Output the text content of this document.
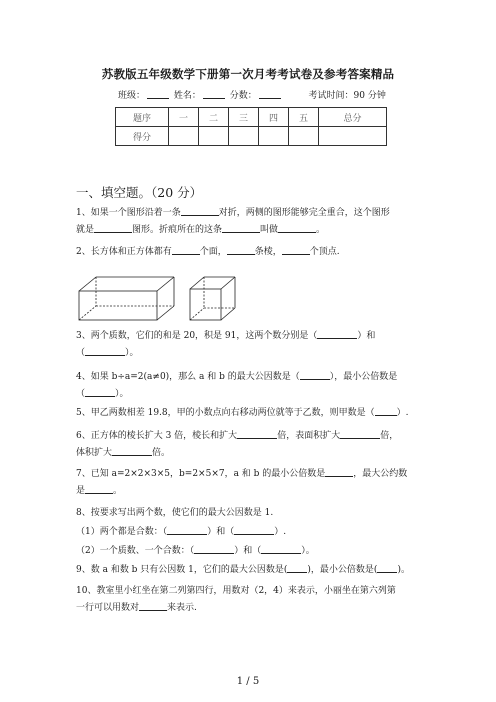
苏教版五年级数学下册第一次月考考试卷及参考答案精品
班级：	姓名：	分数：	考试时间：90 分钟
题序	一	二	三	四	五	总分
得分						
一、填空题。（20 分）
1、如果一个图形沿着一条	对折，两侧的图形能够完全重合，这个图形
就是	图形。折痕所在的这条	叫做	。
2、长方体和正方体都有	个面，	条棱，	个顶点.
3、两个质数，它们的和是 20，积是 91，这两个数分别是（	）和
（	）。
4、如果 b÷a=2(a≠0)，那么 a 和 b 的最大公因数是（	），最小公倍数是
（	）。
5、甲乙两数相差 19.8，甲的小数点向右移动两位就等于乙数，则甲数是（ ）.
6、正方体的棱长扩大 3 倍，棱长和扩大	倍，表面积扩大	倍，
体积扩大	倍。
7、已知 a=2×2×3×5，b=2×5×7，a 和 b 的最小公倍数是	，最大公约数
是	。
8、按要求写出两个数，使它们的最大公因数是 1.
（1）两个都是合数：（	）和（	）.
（2）一个质数、一个合数：（	）和（	）。
9、数 a 和数 b 只有公因数 1，它们的最大公因数是( )，最小公倍数是( )。
10、教室里小红坐在第二列第四行，用数对（2，4）来表示，小丽坐在第六列第
一行可以用数对	来表示.
1 / 5
